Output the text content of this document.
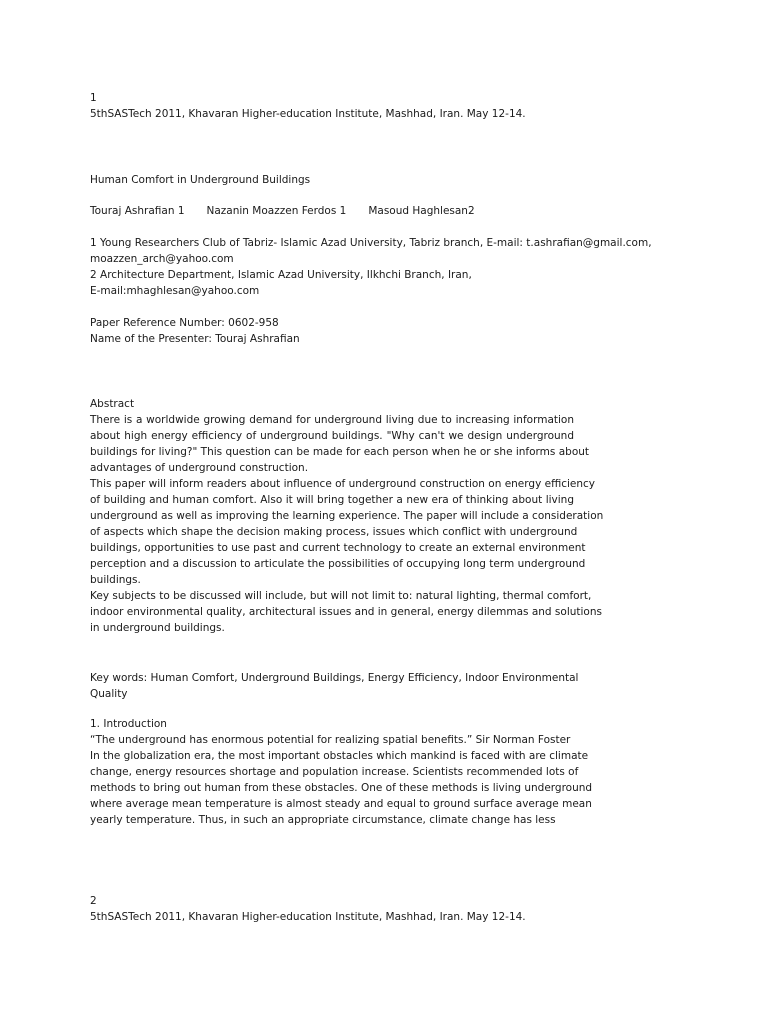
1
5thSASTech 2011, Khavaran Higher-education Institute, Mashhad, Iran. May 12-14.
Human Comfort in Underground Buildings
Touraj Ashrafian 1 Nazanin Moazzen Ferdos 1 Masoud Haghlesan2
1 Young Researchers Club of Tabriz- Islamic Azad University, Tabriz branch, E-mail: t.ashrafian@gmail.com,
moazzen_arch@yahoo.com
2 Architecture Department, Islamic Azad University, Ilkhchi Branch, Iran,
E-mail:mhaghlesan@yahoo.com
Paper Reference Number: 0602-958
Name of the Presenter: Touraj Ashrafian
Abstract
There is a worldwide growing demand for underground living due to increasing information
about high energy efficiency of underground buildings. "Why can't we design underground
buildings for living?" This question can be made for each person when he or she informs about
advantages of underground construction.
This paper will inform readers about influence of underground construction on energy efficiency
of building and human comfort. Also it will bring together a new era of thinking about living
underground as well as improving the learning experience. The paper will include a consideration
of aspects which shape the decision making process, issues which conflict with underground
buildings, opportunities to use past and current technology to create an external environment
perception and a discussion to articulate the possibilities of occupying long term underground
buildings.
Key subjects to be discussed will include, but will not limit to: natural lighting, thermal comfort,
indoor environmental quality, architectural issues and in general, energy dilemmas and solutions
in underground buildings.
Key words: Human Comfort, Underground Buildings, Energy Efficiency, Indoor Environmental
Quality
1. Introduction
“The underground has enormous potential for realizing spatial benefits.” Sir Norman Foster
In the globalization era, the most important obstacles which mankind is faced with are climate
change, energy resources shortage and population increase. Scientists recommended lots of
methods to bring out human from these obstacles. One of these methods is living underground
where average mean temperature is almost steady and equal to ground surface average mean
yearly temperature. Thus, in such an appropriate circumstance, climate change has less
2
5thSASTech 2011, Khavaran Higher-education Institute, Mashhad, Iran. May 12-14.
